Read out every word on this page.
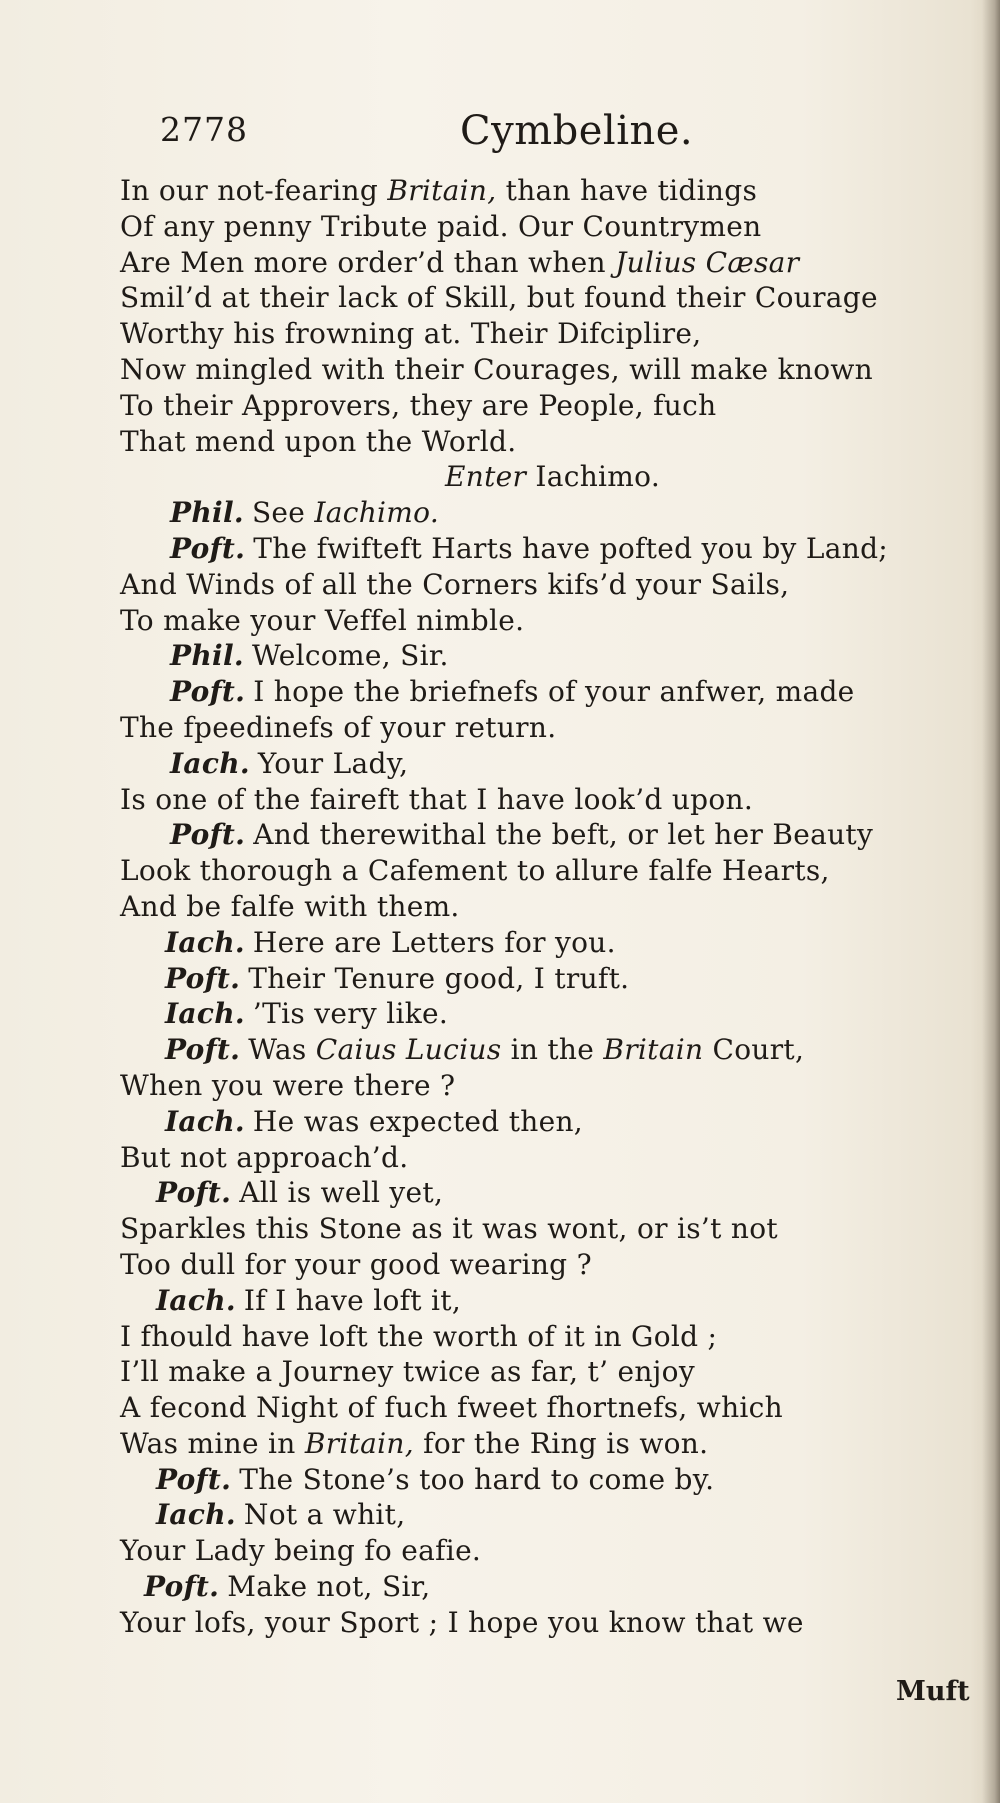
2778	Cymbeline.
In our not-fearing Britain, than have tidings
Of any penny Tribute paid. Our Countrymen
Are Men more order’d than when Julius Cæsar
Smil’d at their lack of Skill, but found their Courage
Worthy his frowning at. Their Difciplire,
Now mingled with their Courages, will make known
To their Approvers, they are People, fuch
That mend upon the World.
Enter Iachimo.
Phil. See Iachimo.
Poft. The fwifteft Harts have pofted you by Land;
And Winds of all the Corners kifs’d your Sails,
To make your Veffel nimble.
Phil. Welcome, Sir.
Poft. I hope the briefnefs of your anfwer, made
The fpeedinefs of your return.
Iach. Your Lady,
Is one of the faireft that I have look’d upon.
Poft. And therewithal the beft, or let her Beauty
Look thorough a Cafement to allure falfe Hearts,
And be falfe with them.
Iach. Here are Letters for you.
Poft. Their Tenure good, I truft.
Iach. ’Tis very like.
Poft. Was Caius Lucius in the Britain Court,
When you were there ?
Iach. He was expected then,
But not approach’d.
Poft. All is well yet,
Sparkles this Stone as it was wont, or is’t not
Too dull for your good wearing ?
Iach. If I have loft it,
I fhould have loft the worth of it in Gold ;
I’ll make a Journey twice as far, t’ enjoy
A fecond Night of fuch fweet fhortnefs, which
Was mine in Britain, for the Ring is won.
Poft. The Stone’s too hard to come by.
Iach. Not a whit,
Your Lady being fo eafie.
Poft. Make not, Sir,
Your lofs, your Sport ; I hope you know that we
Muft
